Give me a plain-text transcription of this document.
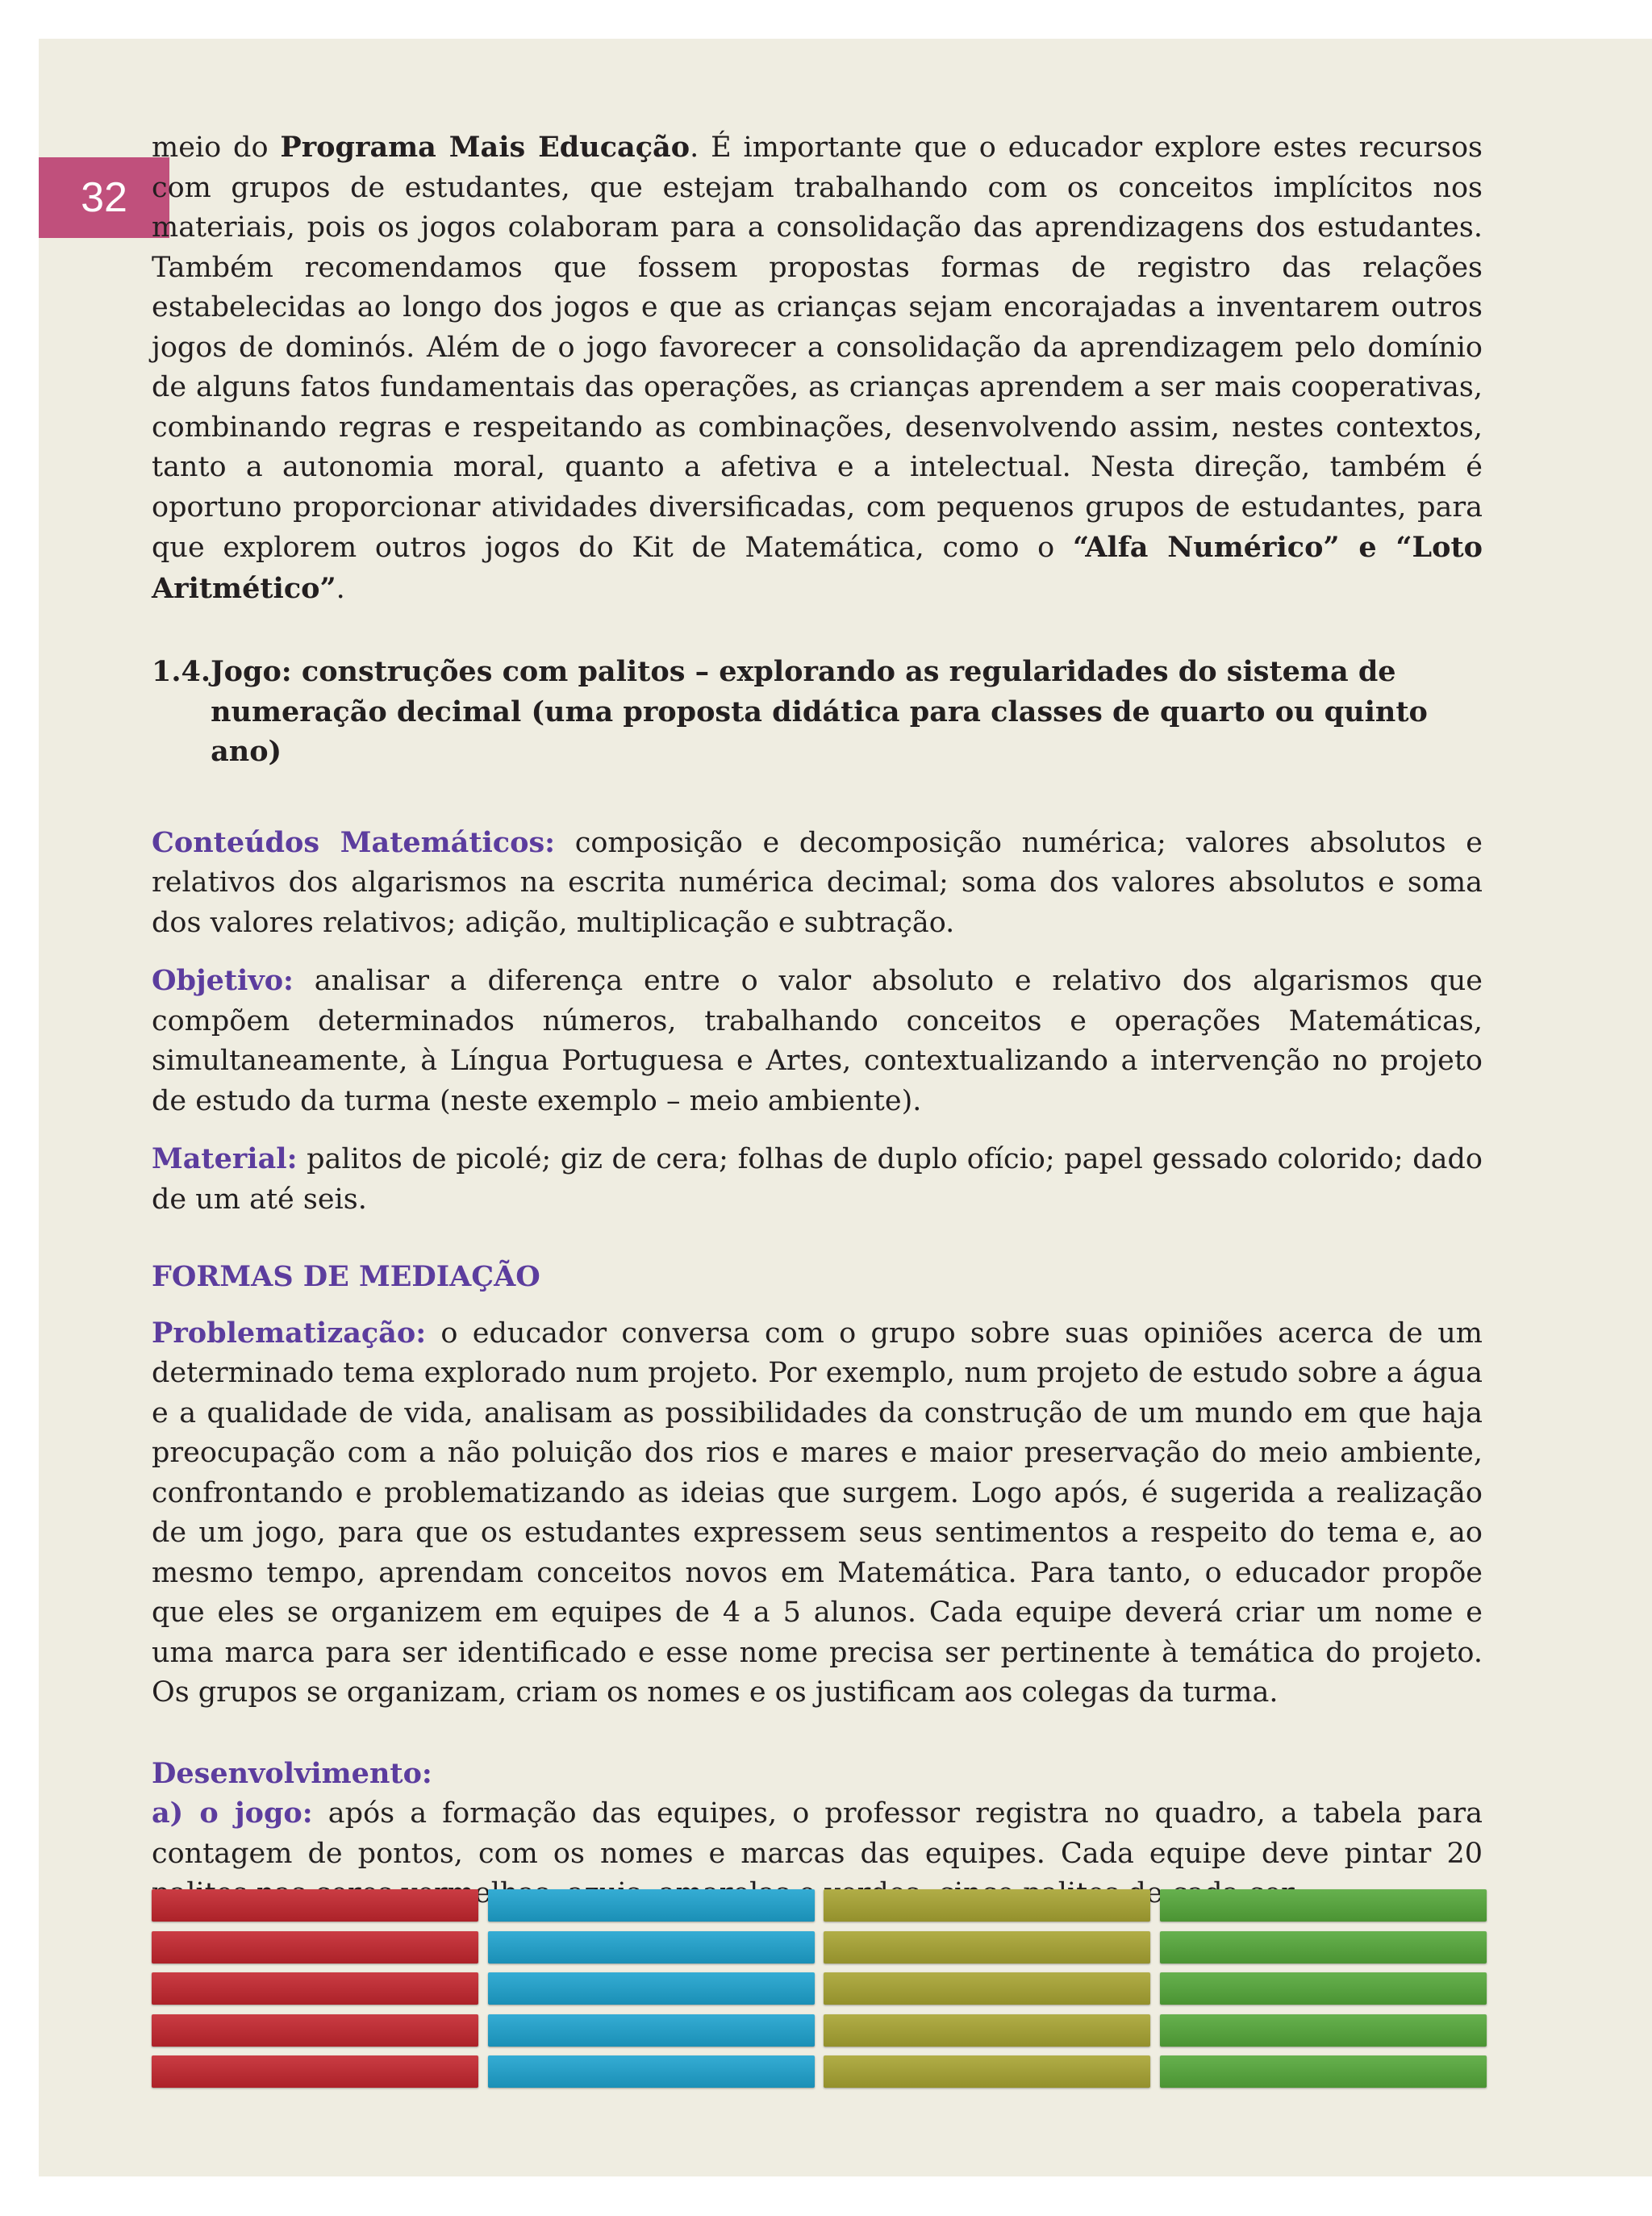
32

meio do Programa Mais Educação. É importante que o educador explore estes recursos com grupos de estudantes, que estejam trabalhando com os conceitos implícitos nos materiais, pois os jogos colaboram para a consolidação das aprendizagens dos estudantes. Também recomendamos que fossem propostas formas de registro das relações estabelecidas ao longo dos jogos e que as crianças sejam encorajadas a inventarem outros jogos de dominós. Além de o jogo favorecer a consolidação da aprendizagem pelo domínio de alguns fatos fundamentais das operações, as crianças aprendem a ser mais cooperativas, combinando regras e respeitando as combinações, desenvolvendo assim, nestes contextos, tanto a autonomia moral, quanto a afetiva e a intelectual. Nesta direção, também é oportuno proporcionar atividades diversificadas, com pequenos grupos de estudantes, para que explorem outros jogos do Kit de Matemática, como o “Alfa Numérico” e “Loto Aritmético”.

1.4. Jogo: construções com palitos – explorando as regularidades do sistema de numeração decimal (uma proposta didática para classes de quarto ou quinto ano)

Conteúdos Matemáticos: composição e decomposição numérica; valores absolutos e relativos dos algarismos na escrita numérica decimal; soma dos valores absolutos e soma dos valores relativos; adição, multiplicação e subtração.

Objetivo: analisar a diferença entre o valor absoluto e relativo dos algarismos que compõem determinados números, trabalhando conceitos e operações Matemáticas, simultaneamente, à Língua Portuguesa e Artes, contextualizando a intervenção no projeto de estudo da turma (neste exemplo – meio ambiente).

Material: palitos de picolé; giz de cera; folhas de duplo ofício; papel gessado colorido; dado de um até seis.

FORMAS DE MEDIAÇÃO

Problematização: o educador conversa com o grupo sobre suas opiniões acerca de um determinado tema explorado num projeto. Por exemplo, num projeto de estudo sobre a água e a qualidade de vida, analisam as possibilidades da construção de um mundo em que haja preocupação com a não poluição dos rios e mares e maior preservação do meio ambiente, confrontando e problematizando as ideias que surgem. Logo após, é sugerida a realização de um jogo, para que os estudantes expressem seus sentimentos a respeito do tema e, ao mesmo tempo, aprendam conceitos novos em Matemática. Para tanto, o educador propõe que eles se organizem em equipes de 4 a 5 alunos. Cada equipe deverá criar um nome e uma marca para ser identificado e esse nome precisa ser pertinente à temática do projeto. Os grupos se organizam, criam os nomes e os justificam aos colegas da turma.

Desenvolvimento:

a) o jogo: após a formação das equipes, o professor registra no quadro, a tabela para contagem de pontos, com os nomes e marcas das equipes. Cada equipe deve pintar 20 vermelhas,
